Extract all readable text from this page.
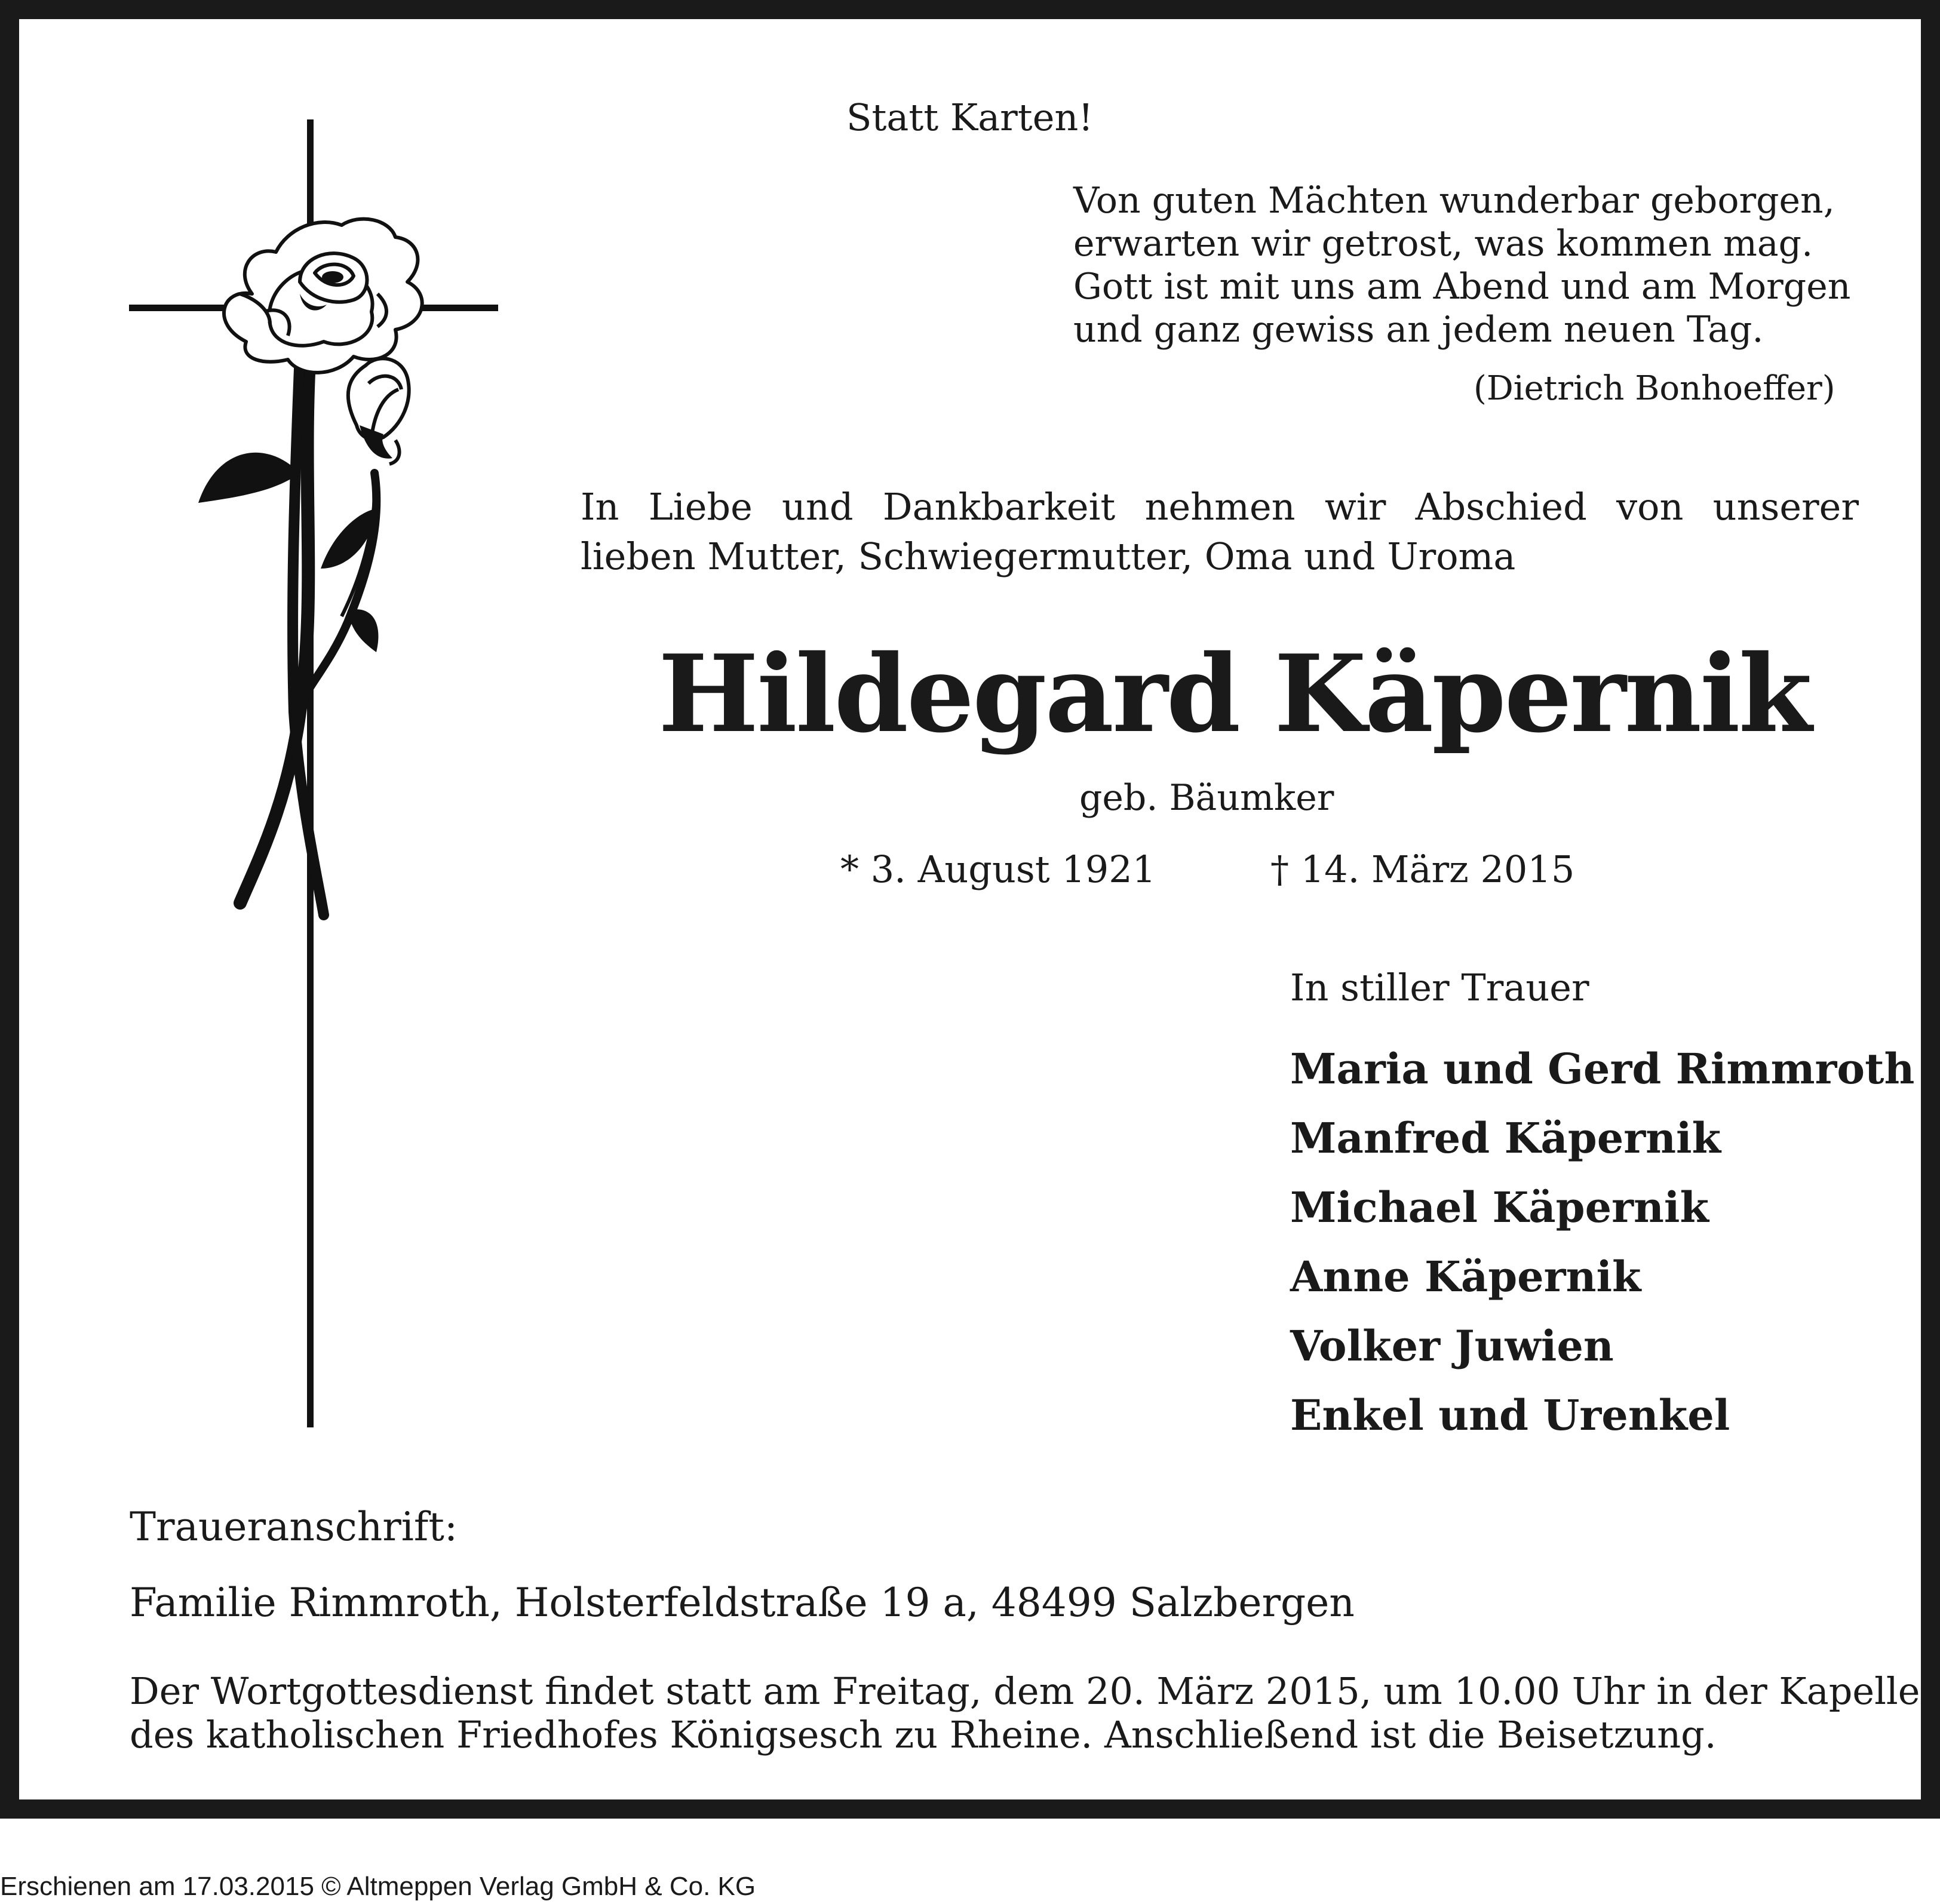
Statt Karten!
Von guten Mächten wunderbar geborgen,
erwarten wir getrost, was kommen mag.
Gott ist mit uns am Abend und am Morgen
und ganz gewiss an jedem neuen Tag.
(Dietrich Bonhoeffer)
In Liebe und Dankbarkeit nehmen wir Abschied von unserer
lieben Mutter, Schwiegermutter, Oma und Uroma
Hildegard Käpernik
geb. Bäumker
* 3. August 1921	† 14. März 2015
In stiller Trauer
Maria und Gerd Rimmroth
Manfred Käpernik
Michael Käpernik
Anne Käpernik
Volker Juwien
Enkel und Urenkel
Traueranschrift:
Familie Rimmroth, Holsterfeldstraße 19 a, 48499 Salzbergen
Der Wortgottesdienst findet statt am Freitag, dem 20. März 2015, um 10.00 Uhr in der Kapelle
des katholischen Friedhofes Königsesch zu Rheine. Anschließend ist die Beisetzung.
Erschienen am 17.03.2015 © Altmeppen Verlag GmbH & Co. KG
